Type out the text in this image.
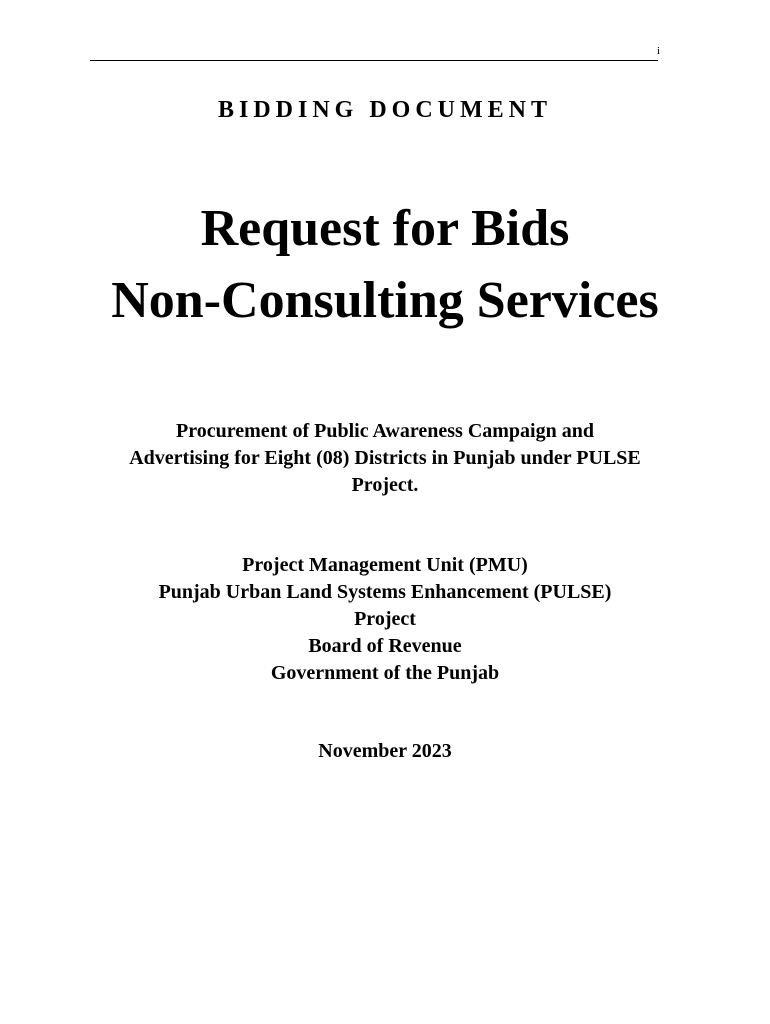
i
BIDDING DOCUMENT
Request for Bids
Non-Consulting Services
Procurement of Public Awareness Campaign and
Advertising for Eight (08) Districts in Punjab under PULSE
Project.
Project Management Unit (PMU)
Punjab Urban Land Systems Enhancement (PULSE)
Project
Board of Revenue
Government of the Punjab
November 2023
